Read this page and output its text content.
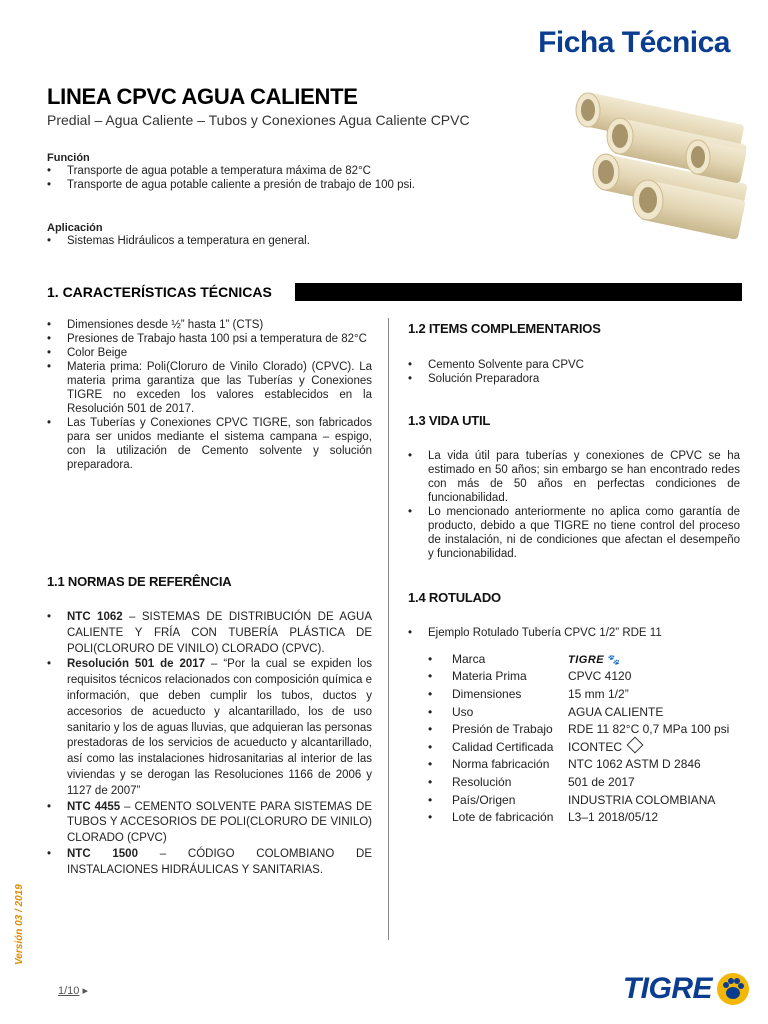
Ficha Técnica
LINEA CPVC AGUA CALIENTE
Predial – Agua Caliente – Tubos y Conexiones Agua Caliente CPVC

Función

• Transporte de agua potable a temperatura máxima de 82°C
• Transporte de agua potable caliente a presión de trabajo de 100 psi.

Aplicación

• Sistemas Hidráulicos a temperatura en general.
1. CARACTERÍSTICAS TÉCNICAS
• Dimensiones desde ½” hasta 1” (CTS)
• Presiones de Trabajo hasta 100 psi a temperatura de 82°C
• Color Beige
• Materia prima: Poli(Cloruro de Vinilo Clorado) (CPVC). La materia prima garantiza que las Tuberías y Conexiones TIGRE no exceden los valores establecidos en la Resolución 501 de 2017.
• Las Tuberías y Conexiones CPVC TIGRE, son fabricados para ser unidos mediante el sistema campana – espigo, con la utilización de Cemento solvente y solución preparadora.
1.1 NORMAS DE REFERÊNCIA
• NTC 1062 – SISTEMAS DE DISTRIBUCIÓN DE AGUA CALIENTE Y FRÍA CON TUBERÍA PLÁSTICA DE POLI(CLORURO DE VINILO) CLORADO (CPVC).
• Resolución 501 de 2017 – “Por la cual se expiden los requisitos técnicos relacionados con composición química e información, que deben cumplir los tubos, ductos y accesorios de acueducto y alcantarillado, los de uso sanitario y los de aguas lluvias, que adquieran las personas prestadoras de los servicios de acueducto y alcantarillado, así como las instalaciones hidrosanitarias al interior de las viviendas y se derogan las Resoluciones 1166 de 2006 y 1127 de 2007”
• NTC 4455 – CEMENTO SOLVENTE PARA SISTEMAS DE TUBOS Y ACCESORIOS DE POLI(CLORURO DE VINILO) CLORADO (CPVC)
• NTC 1500 – CÓDIGO COLOMBIANO DE INSTALACIONES HIDRÁULICAS Y SANITARIAS.
1.2 ITEMS COMPLEMENTARIOS
• Cemento Solvente para CPVC
• Solución Preparadora
1.3 VIDA UTIL
• La vida útil para tuberías y conexiones de CPVC se ha estimado en 50 años; sin embargo se han encontrado redes con más de 50 años en perfectas condiciones de funcionabilidad.
• Lo mencionado anteriormente no aplica como garantía de producto, debido a que TIGRE no tiene control del proceso de instalación, ni de condiciones que afectan el desempeño y funcionabilidad.
1.4 ROTULADO
• Ejemplo Rotulado Tubería CPVC 1/2” RDE 11
• Marca	TIGRE 🐾
• Materia Prima	CPVC 4120
• Dimensiones	15 mm 1/2”
• Uso	AGUA CALIENTE
• Presión de Trabajo	RDE 11 82°C 0,7 MPa 100 psi
• Calidad Certificada	ICONTEC
• Norma fabricación	NTC 1062 ASTM D 2846
• Resolución	501 de 2017
• País/Origen	INDUSTRIA COLOMBIANA
• Lote de fabricación	L3–1 2018/05/12
Versión 03 / 2019
1/10 ▸	TIGRE
